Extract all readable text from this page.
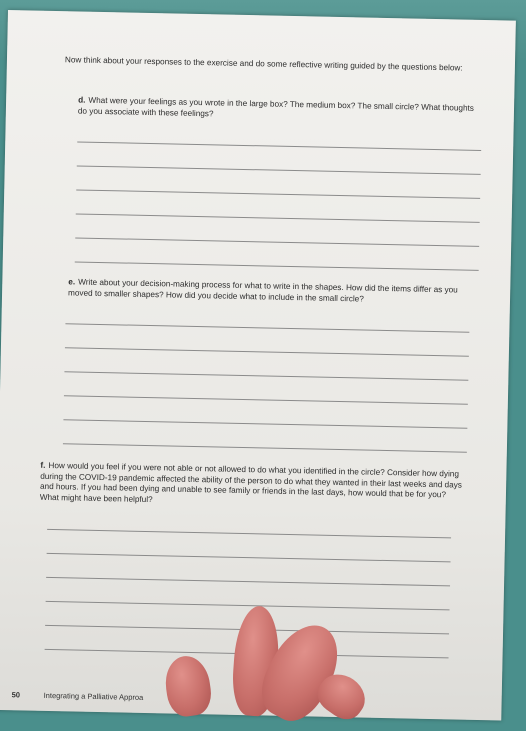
Now think about your responses to the exercise and do some reflective writing guided by the questions below:
d. What were your feelings as you wrote in the large box? The medium box? The small circle? What thoughts do you associate with these feelings?
e. Write about your decision-making process for what to write in the shapes. How did the items differ as you moved to smaller shapes? How did you decide what to include in the small circle?
f. How would you feel if you were not able or not allowed to do what you identified in the circle? Consider how dying during the COVID-19 pandemic affected the ability of the person to do what they wanted in their last weeks and days and hours. If you had been dying and unable to see family or friends in the last days, how would that be for you? What might have been helpful?
50	Integrating a Palliative Approa
